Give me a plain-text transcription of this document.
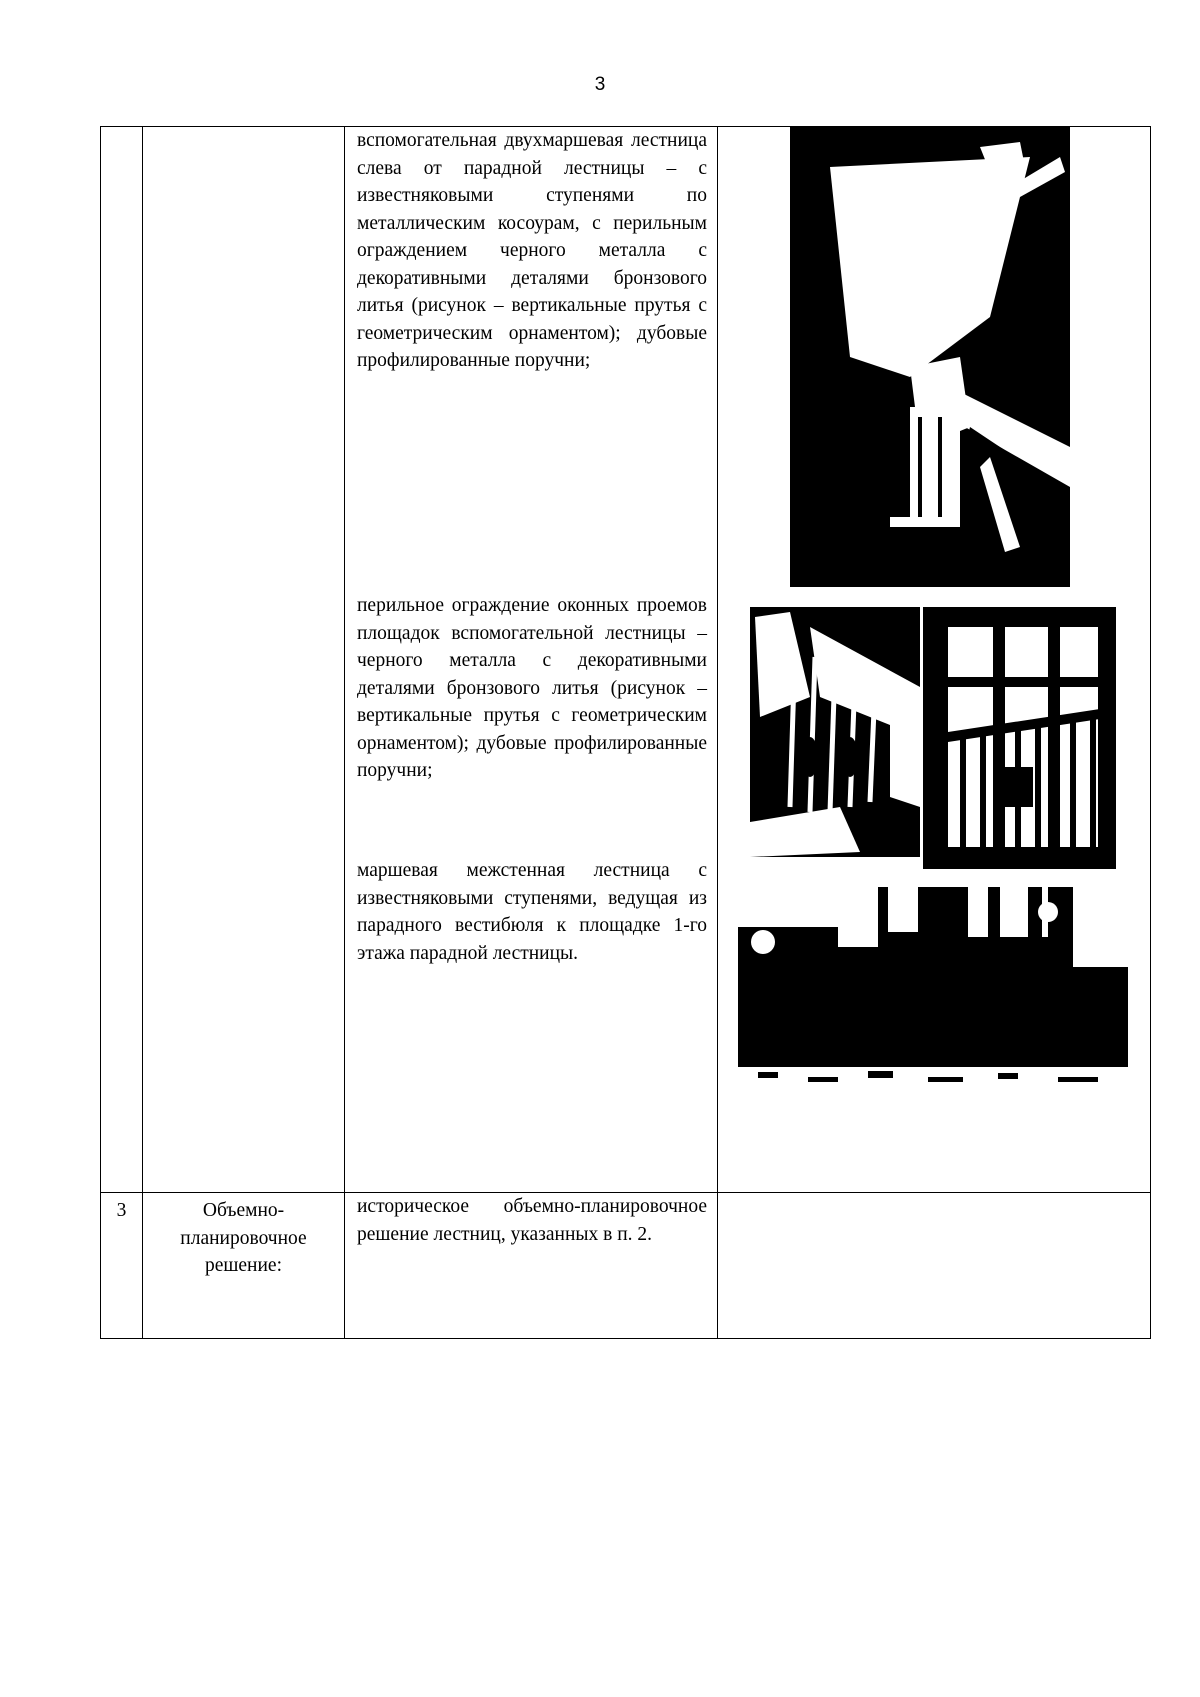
3

		вспомогательная двухмаршевая лестница слева от парадной лестницы – с известняковыми ступенями по металлическим косоурам, с перильным ограждением черного металла с декоративными деталями бронзового литья (рисунок – вертикальные прутья с геометрическим орнаментом); дубовые профилированные поручни;
перильное ограждение оконных проемов площадок вспомогательной лестницы – черного металла с декоративными деталями бронзового литья (рисунок – вертикальные прутья с геометрическим орнаментом); дубовые профилированные поручни;
маршевая межстенная лестница с известняковыми ступенями, ведущая из парадного вестибюля к площадке 1-го этажа парадной лестницы.

3	Объемно-планировочное решение:	историческое объемно-планировочное решение лестниц, указанных в п. 2.	
